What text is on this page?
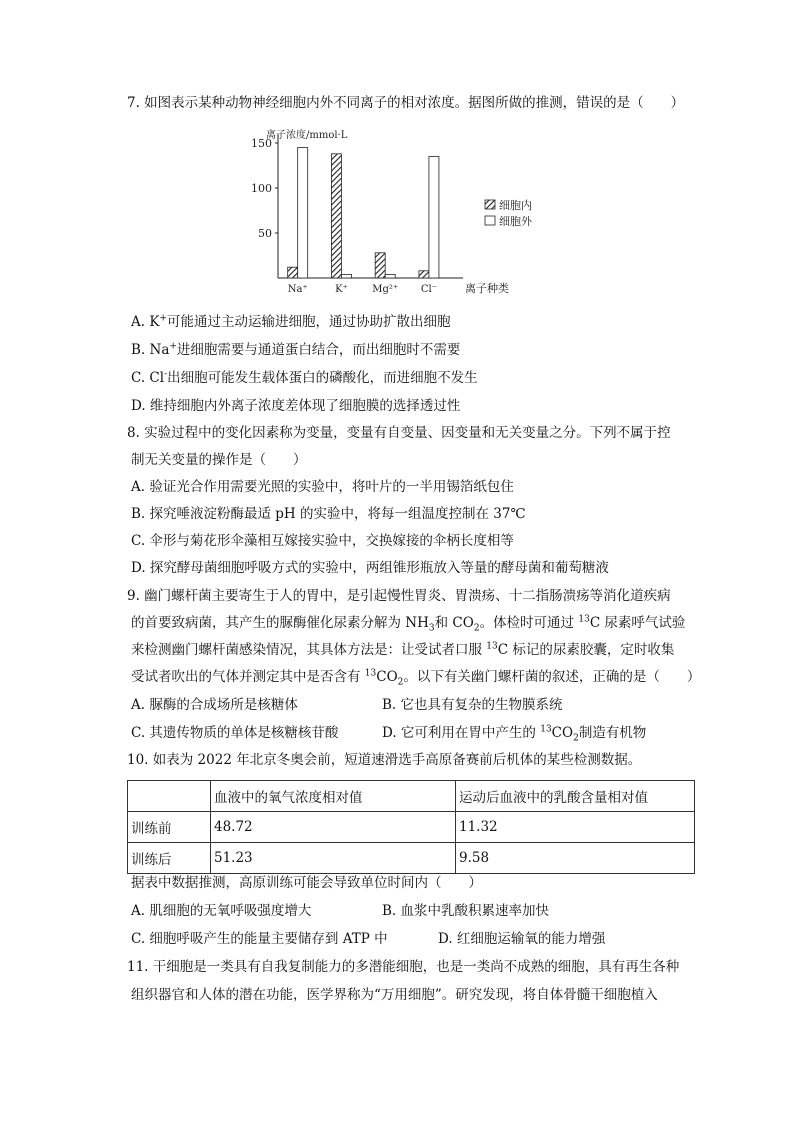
7. 如图表示某种动物神经细胞内外不同离子的相对浓度。据图所做的推测，错误的是（　　）
离子浓度/mmol·L
50
100
150
Na⁺	K⁺ Mg²⁺ Cl⁻	离子种类
细胞内
细胞外
A. K+可能通过主动运输进细胞，通过协助扩散出细胞
B. Na+进细胞需要与通道蛋白结合，而出细胞时不需要
C. Cl-出细胞可能发生载体蛋白的磷酸化，而进细胞不发生
D. 维持细胞内外离子浓度差体现了细胞膜的选择透过性
8. 实验过程中的变化因素称为变量，变量有自变量、因变量和无关变量之分。下列不属于控
制无关变量的操作是（　　）
A. 验证光合作用需要光照的实验中，将叶片的一半用锡箔纸包住
B. 探究唾液淀粉酶最适 pH 的实验中，将每一组温度控制在 37℃
C. 伞形与菊花形伞藻相互嫁接实验中，交换嫁接的伞柄长度相等
D. 探究酵母菌细胞呼吸方式的实验中，两组锥形瓶放入等量的酵母菌和葡萄糖液
9. 幽门螺杆菌主要寄生于人的胃中，是引起慢性胃炎、胃溃疡、十二指肠溃疡等消化道疾病
的首要致病菌，其产生的脲酶催化尿素分解为 $NH_3$和 $CO_2$。体检时可通过 $^{13}$C 尿素呼气试验
来检测幽门螺杆菌感染情况，其具体方法是：让受试者口服 $^{13}$C 标记的尿素胶囊，定时收集
受试者吹出的气体并测定其中是否含有 $^{13}CO_2$。以下有关幽门螺杆菌的叙述，正确的是（　　）
A. 脲酶的合成场所是核糖体	B. 它也具有复杂的生物膜系统
C. 其遗传物质的单体是核糖核苷酸	D. 它可利用在胃中产生的 $^{13}CO_2$制造有机物
10. 如表为 2022 年北京冬奥会前，短道速滑选手高原备赛前后机体的某些检测数据。
	血液中的氧气浓度相对值	运动后血液中的乳酸含量相对值
训练前	48.72	11.32
训练后	51.23	9.58
据表中数据推测，高原训练可能会导致单位时间内（　　）
A. 肌细胞的无氧呼吸强度增大	B. 血浆中乳酸积累速率加快
C. 细胞呼吸产生的能量主要储存到 ATP 中	D. 红细胞运输氧的能力增强
11. 干细胞是一类具有自我复制能力的多潜能细胞，也是一类尚不成熟的细胞，具有再生各种
组织器官和人体的潜在功能，医学界称为“万用细胞”。研究发现，将自体骨髓干细胞植入
